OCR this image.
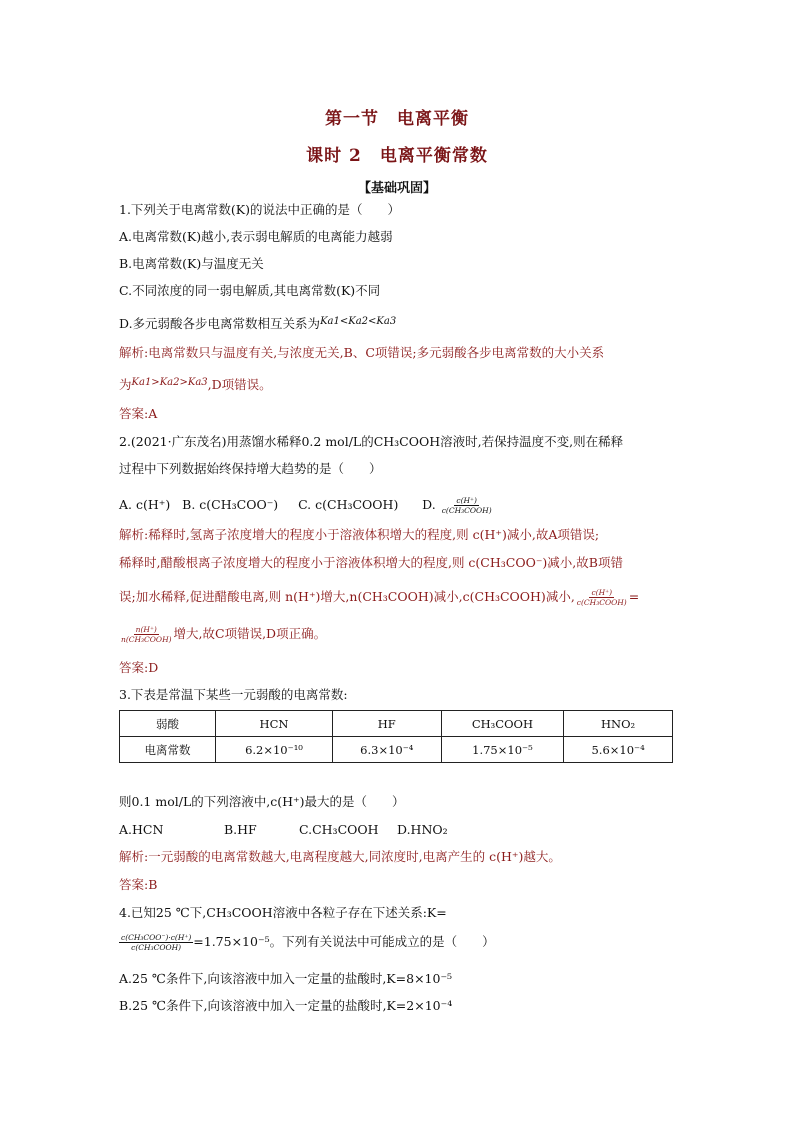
第一节　电离平衡
课时 2　电离平衡常数
【基础巩固】
1.下列关于电离常数(K)的说法中正确的是（　　）
A.电离常数(K)越小,表示弱电解质的电离能力越弱
B.电离常数(K)与温度无关
C.不同浓度的同一弱电解质,其电离常数(K)不同
D.多元弱酸各步电离常数相互关系为$^{Ka1<Ka2<Ka3}$
解析:电离常数只与温度有关,与浓度无关,B、C项错误;多元弱酸各步电离常数的大小关系
为$^{Ka1>Ka2>Ka3}$,D项错误。
答案:A
2.(2021·广东茂名)用蒸馏水稀释0.2 mol/L的CH₃COOH溶液时,若保持温度不变,则在稀释
过程中下列数据始终保持增大趋势的是（　　）
A. c(H⁺) B. c(CH₃COO⁻) C. c(CH₃COOH) D. $\frac{c(H^+)}{\text{c(CH₃COOH)}}$
解析:稀释时,氢离子浓度增大的程度小于溶液体积增大的程度,则 c(H⁺)减小,故A项错误;
稀释时,醋酸根离子浓度增大的程度小于溶液体积增大的程度,则 c(CH₃COO⁻)减小,故B项错
误;加水稀释,促进醋酸电离,则 n(H⁺)增大,n(CH₃COOH)减小,c(CH₃COOH)减小, $\frac{c(H^+)}{\text{c(CH₃COOH)}}$ =
$\frac{n(H^+)}{\text{n(CH₃COOH)}}$ 增大,故C项错误,D项正确。
答案:D
3.下表是常温下某些一元弱酸的电离常数:
弱酸	HCN	HF	CH₃COOH	HNO₂
电离常数	6.2×10⁻¹⁰	6.3×10⁻⁴	1.75×10⁻⁵	5.6×10⁻⁴
则0.1 mol/L的下列溶液中,c(H⁺)最大的是（　　）
A.HCN	B.HF	C.CH₃COOH D.HNO₂
解析:一元弱酸的电离常数越大,电离程度越大,同浓度时,电离产生的 c(H⁺)越大。
答案:B
4.已知25 ℃下,CH₃COOH溶液中各粒子存在下述关系:K=
$\frac{\text{c(CH₃COO⁻)·c(H⁺)}}{\text{c(CH₃COOH)}} =1.75\times 10^{-5}$。下列有关说法中可能成立的是（　　）
A.25 ℃条件下,向该溶液中加入一定量的盐酸时,K=8×10⁻⁵
B.25 ℃条件下,向该溶液中加入一定量的盐酸时,K=2×10⁻⁴
